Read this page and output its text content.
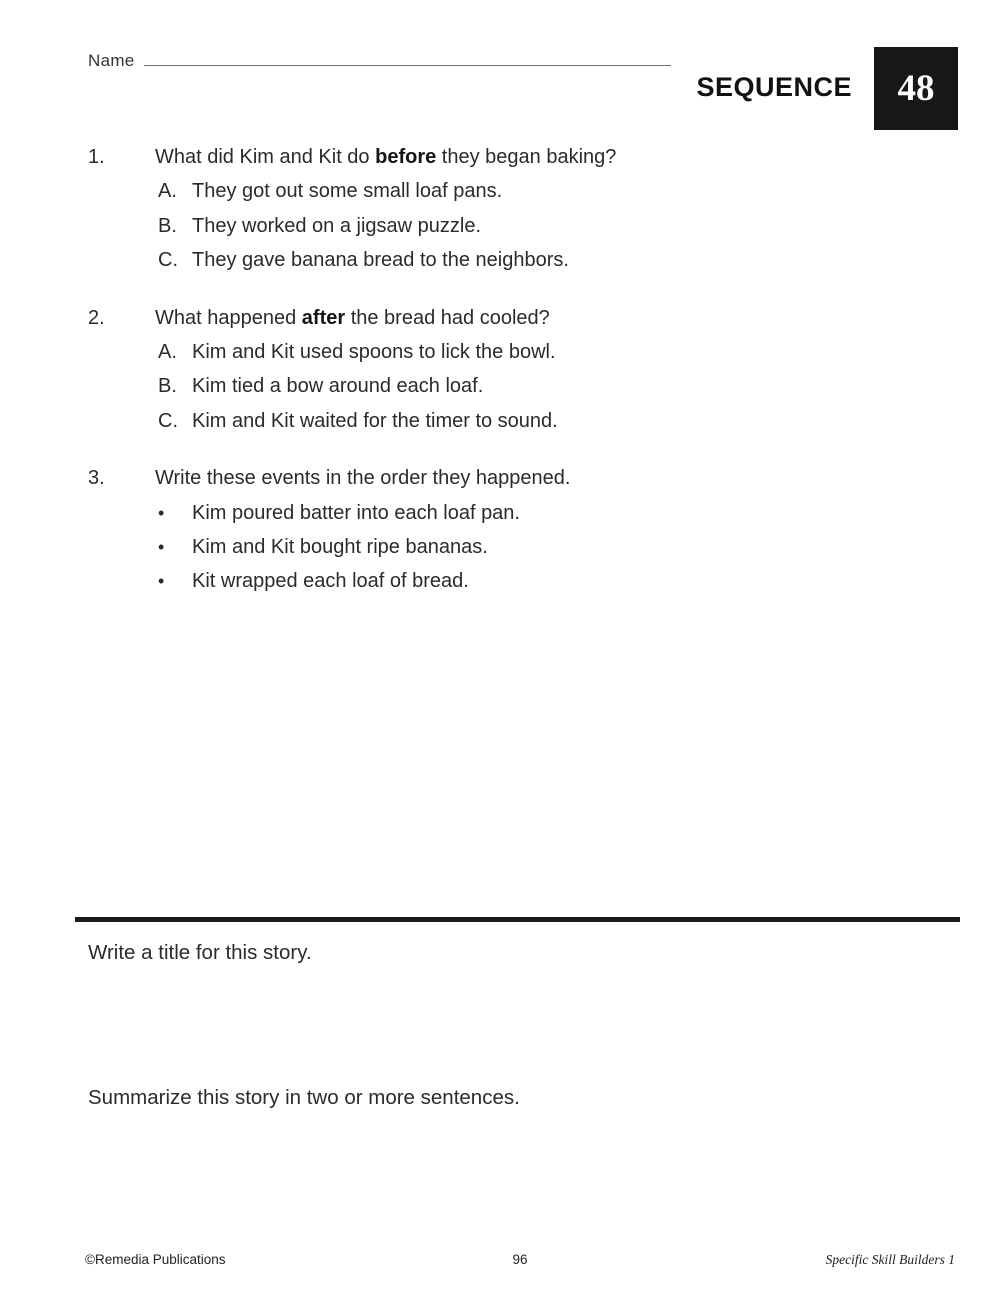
Name
SEQUENCE	48
1.	What did Kim and Kit do before they began baking?
A. They got out some small loaf pans.
B. They worked on a jigsaw puzzle.
C. They gave banana bread to the neighbors.
2.	What happened after the bread had cooled?
A. Kim and Kit used spoons to lick the bowl.
B. Kim tied a bow around each loaf.
C. Kim and Kit waited for the timer to sound.
3.	Write these events in the order they happened.
•	Kim poured batter into each loaf pan.
•	Kim and Kit bought ripe bananas.
•	Kit wrapped each loaf of bread.
Write a title for this story.
Summarize this story in two or more sentences.
©Remedia Publications	96	Specific Skill Builders 1
